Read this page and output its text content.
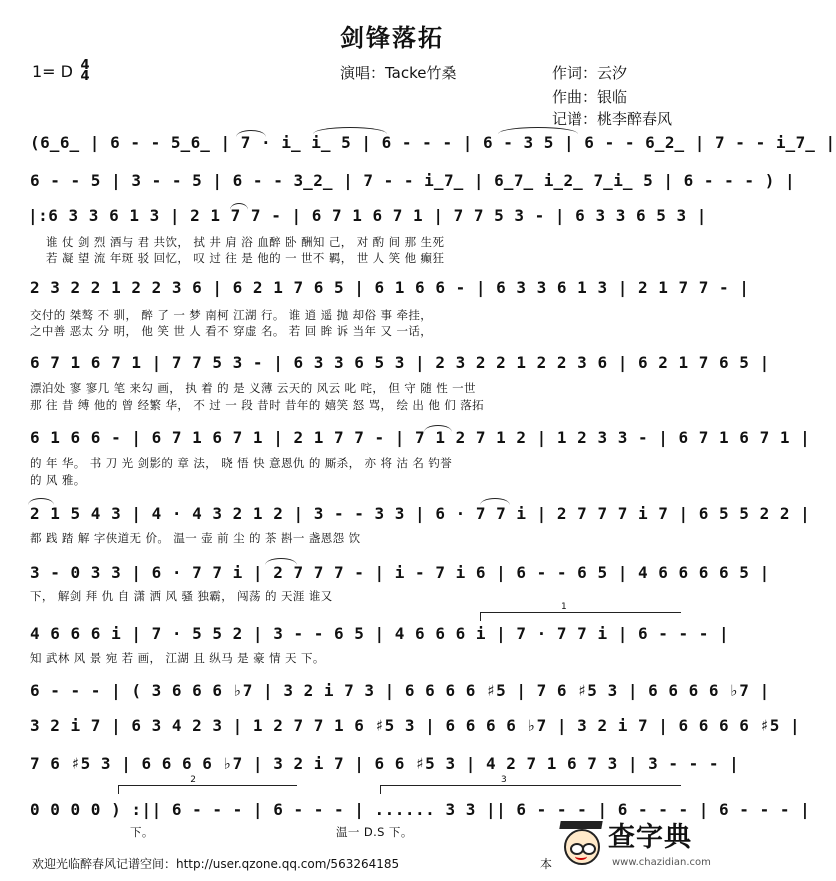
剑锋落拓
1= D 4
4	演唱：Tacke竹桑	作词：云汐
作曲：银临
记谱：桃李醉春风
(6̲6̲ | 6 - - 5̲6̲ | 7 · i̲ i̲ 5 | 6 - - - | 6 - 3 5 | 6 - - 6̲2̲ | 7 - - i̲7̲ |
6 - - 5 | 3 - - 5 | 6 - - 3̲2̲ | 7 - - i̲7̲ | 6̲7̲ i̲2̲ 7̲i̲ 5 | 6 - - - ) |
|:6 3 3 6 1 3 | 2 1 7 7 - | 6 7 1 6 7 1 | 7 7 5 3 - | 6 3 3 6 5 3 |
谁 仗 剑 烈 酒与 君 共饮， 拭 井 肩 浴 血醉 卧 酬知 己， 对 酌 间 那 生死
若 凝 望 流 年斑 驳 回忆， 叹 过 往 是 他的 一 世不 羁， 世 人 笑 他 癫狂
2 3 2 2 1 2 2 3 6 | 6 2 1 7 6 5 | 6 1 6 6 - | 6 3 3 6 1 3 | 2 1 7 7 - |
交付的 桀骜 不 驯， 醉 了 一 梦 南柯 江湖 行。 谁 逍 遥 抛 却俗 事 牵挂，
之中善 恶太 分 明， 他 笑 世 人 看不 穿虚 名。 若 回 眸 诉 当年 又 一话，
6 7 1 6 7 1 | 7 7 5 3 - | 6 3 3 6 5 3 | 2 3 2 2 1 2 2 3 6 | 6 2 1 7 6 5 |
漂泊处 寥 寥几 笔 来勾 画， 执 着 的 是 义薄 云天的 风云 叱 咤， 但 守 随 性 一世
那 往 昔 缚 他的 曾 经繁 华， 不 过 一 段 昔时 昔年的 嬉笑 怒 骂， 绘 出 他 们 落拓
6 1 6 6 - | 6 7 1 6 7 1 | 2 1 7 7 - | 7 1 2 7 1 2 | 1 2 3 3 - | 6 7 1 6 7 1 |
的 年 华。 书 刀 光 剑影的 章 法， 晓 悟 快 意恩仇 的 厮杀， 亦 将 沽 名 钓誉
的 风 雅。
2 1 5 4 3 | 4 · 4 3 2 1 2 | 3 - - 3 3 | 6 · 7 7 i | 2 7 7 7 i 7 | 6 5 5 2 2 |
都 践 踏 解 字侠道无 价。 温一 壶 前 尘 的 茶 斟一 盏恩怨 饮
3 - 0 3 3 | 6 · 7 7 i | 2 7 7 7 - | i - 7 i 6 | 6 - - 6 5 | 4 6 6 6 6 5 |
下， 解剑 拜 仇 自 潇 洒 风 骚 独霸， 闯荡 的 天涯 谁又
1
4 6 6 6 i | 7 · 5 5 2 | 3 - - 6 5 | 4 6 6 6 i | 7 · 7 7 i | 6 - - - |
知 武林 风 景 宛 若 画， 江湖 且 纵马 是 豪 情 天 下。
6 - - - | ( 3 6 6 6 ♭7 | 3 2 i 7 3 | 6 6 6 6 ♯5 | 7 6 ♯5 3 | 6 6 6 6 ♭7 |
3 2 i 7 | 6 3 4 2 3 | 1 2 7 7 1 6 ♯5 3 | 6 6 6 6 ♭7 | 3 2 i 7 | 6 6 6 6 ♯5 |
7 6 ♯5 3 | 6 6 6 6 ♭7 | 3 2 i 7 | 6 6 ♯5 3 | 4 2 7 1 6 7 3 | 3 - - - |
2	3
0 0 0 0 ) :|| 6 - - - | 6 - - - | ...... 3 3 || 6 - - - | 6 - - - | 6 - - - |
下。	温一 D.S 下。
欢迎光临醉春风记谱空间：http://user.qzone.qq.com/563264185	本
查字典
www.chazidian.com
